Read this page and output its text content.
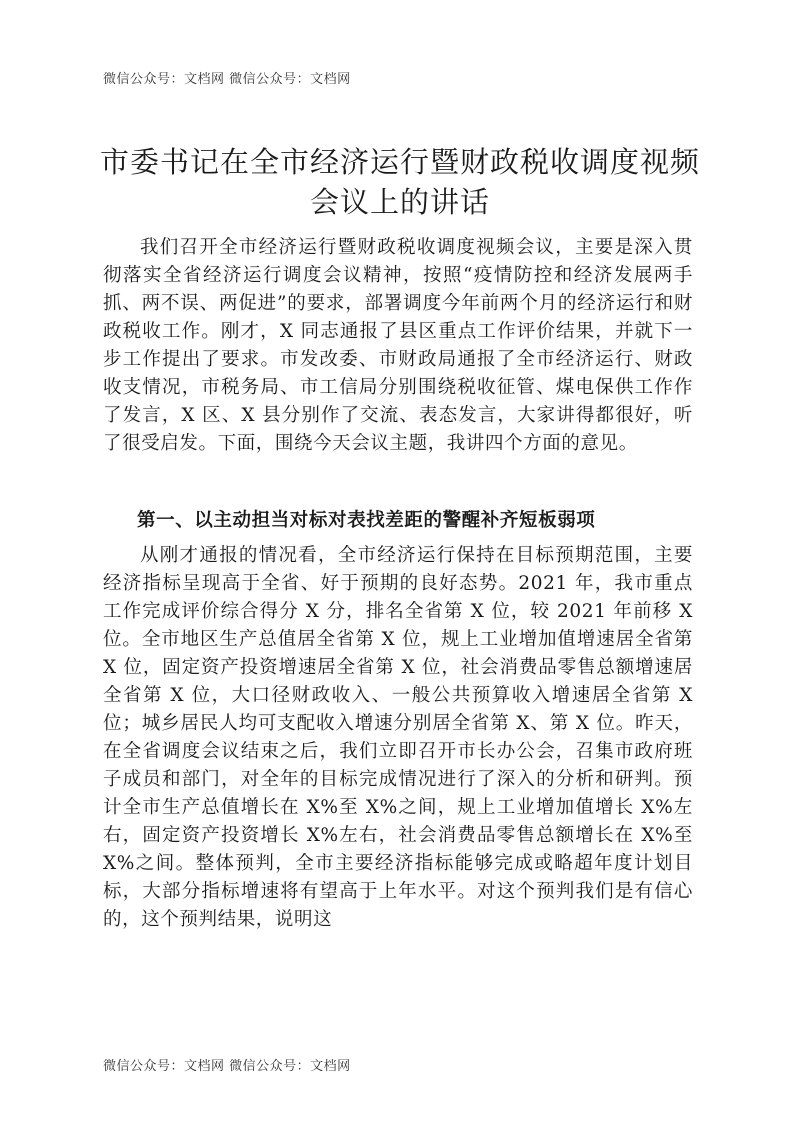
微信公众号：文档网 微信公众号：文档网
市委书记在全市经济运行暨财政税收调度视频会议上的讲话

我们召开全市经济运行暨财政税收调度视频会议，主要是深入贯彻落实全省经济运行调度会议精神，按照“疫情防控和经济发展两手抓、两不误、两促进”的要求，部署调度今年前两个月的经济运行和财政税收工作。刚才，X 同志通报了县区重点工作评价结果，并就下一步工作提出了要求。市发改委、市财政局通报了全市经济运行、财政收支情况，市税务局、市工信局分别围绕税收征管、煤电保供工作作了发言，X 区、X 县分别作了交流、表态发言，大家讲得都很好，听了很受启发。下面，围绕今天会议主题，我讲四个方面的意见。

第一、以主动担当对标对表找差距的警醒补齐短板弱项

从刚才通报的情况看，全市经济运行保持在目标预期范围，主要经济指标呈现高于全省、好于预期的良好态势。2021 年，我市重点工作完成评价综合得分 X 分，排名全省第 X 位，较 2021 年前移 X 位。全市地区生产总值居全省第 X 位，规上工业增加值增速居全省第 X 位，固定资产投资增速居全省第 X 位，社会消费品零售总额增速居全省第 X 位，大口径财政收入、一般公共预算收入增速居全省第 X 位；城乡居民人均可支配收入增速分别居全省第 X、第 X 位。昨天，在全省调度会议结束之后，我们立即召开市长办公会，召集市政府班子成员和部门，对全年的目标完成情况进行了深入的分析和研判。预计全市生产总值增长在 X%至 X%之间，规上工业增加值增长 X%左右，固定资产投资增长 X%左右，社会消费品零售总额增长在 X%至 X%之间。整体预判，全市主要经济指标能够完成或略超年度计划目标，大部分指标增速将有望高于上年水平。对这个预判我们是有信心的，这个预判结果，说明这

微信公众号：文档网 微信公众号：文档网
